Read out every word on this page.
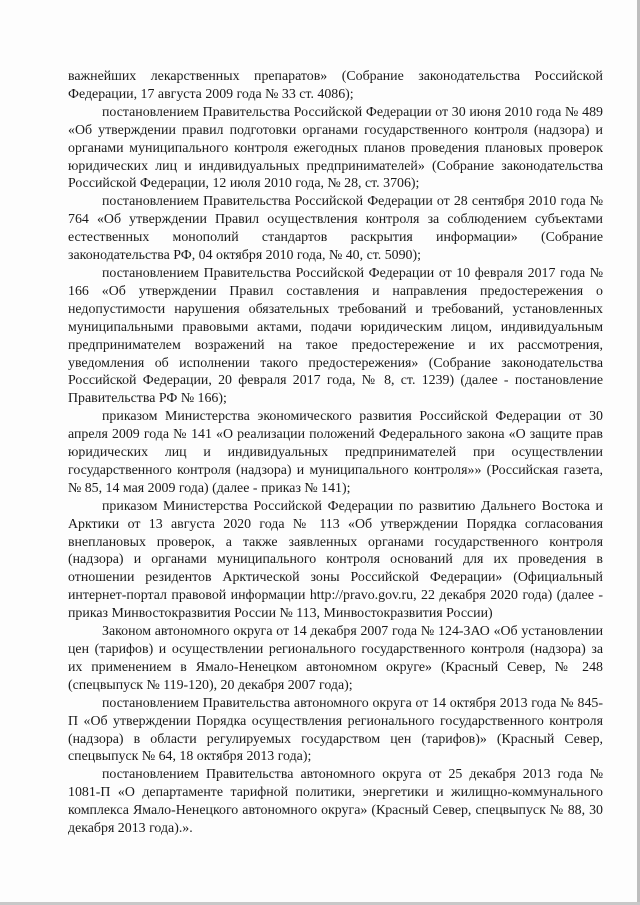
важнейших лекарственных препаратов» (Собрание законодательства Российской Федерации, 17 августа 2009 года № 33 ст. 4086);

постановлением Правительства Российской Федерации от 30 июня 2010 года № 489 «Об утверждении правил подготовки органами государственного контроля (надзора) и органами муниципального контроля ежегодных планов проведения плановых проверок юридических лиц и индивидуальных предпринимателей» (Собрание законодательства Российской Федерации, 12 июля 2010 года, № 28, ст. 3706);

постановлением Правительства Российской Федерации от 28 сентября 2010 года № 764 «Об утверждении Правил осуществления контроля за соблюдением субъектами естественных монополий стандартов раскрытия информации» (Собрание законодательства РФ, 04 октября 2010 года, № 40, ст. 5090);

постановлением Правительства Российской Федерации от 10 февраля 2017 года № 166 «Об утверждении Правил составления и направления предостережения о недопустимости нарушения обязательных требований и требований, установленных муниципальными правовыми актами, подачи юридическим лицом, индивидуальным предпринимателем возражений на такое предостережение и их рассмотрения, уведомления об исполнении такого предостережения» (Собрание законодательства Российской Федерации, 20 февраля 2017 года, № 8, ст. 1239) (далее - постановление Правительства РФ № 166);

приказом Министерства экономического развития Российской Федерации от 30 апреля 2009 года № 141 «О реализации положений Федерального закона «О защите прав юридических лиц и индивидуальных предпринимателей при осуществлении государственного контроля (надзора) и муниципального контроля»» (Российская газета, № 85, 14 мая 2009 года) (далее - приказ № 141);

приказом Министерства Российской Федерации по развитию Дальнего Востока и Арктики от 13 августа 2020 года № 113 «Об утверждении Порядка согласования внеплановых проверок, а также заявленных органами государственного контроля (надзора) и органами муниципального контроля оснований для их проведения в отношении резидентов Арктической зоны Российской Федерации» (Официальный интернет-портал правовой информации http://pravo.gov.ru, 22 декабря 2020 года) (далее - приказ Минвостокразвития России № 113, Минвостокразвития России)

Законом автономного округа от 14 декабря 2007 года № 124-ЗАО «Об установлении цен (тарифов) и осуществлении регионального государственного контроля (надзора) за их применением в Ямало-Ненецком автономном округе» (Красный Север, № 248 (спецвыпуск № 119-120), 20 декабря 2007 года);

постановлением Правительства автономного округа от 14 октября 2013 года № 845-П «Об утверждении Порядка осуществления регионального государственного контроля (надзора) в области регулируемых государством цен (тарифов)» (Красный Север, спецвыпуск № 64, 18 октября 2013 года);

постановлением Правительства автономного округа от 25 декабря 2013 года № 1081-П «О департаменте тарифной политики, энергетики и жилищно-коммунального комплекса Ямало-Ненецкого автономного округа» (Красный Север, спецвыпуск № 88, 30 декабря 2013 года).».
